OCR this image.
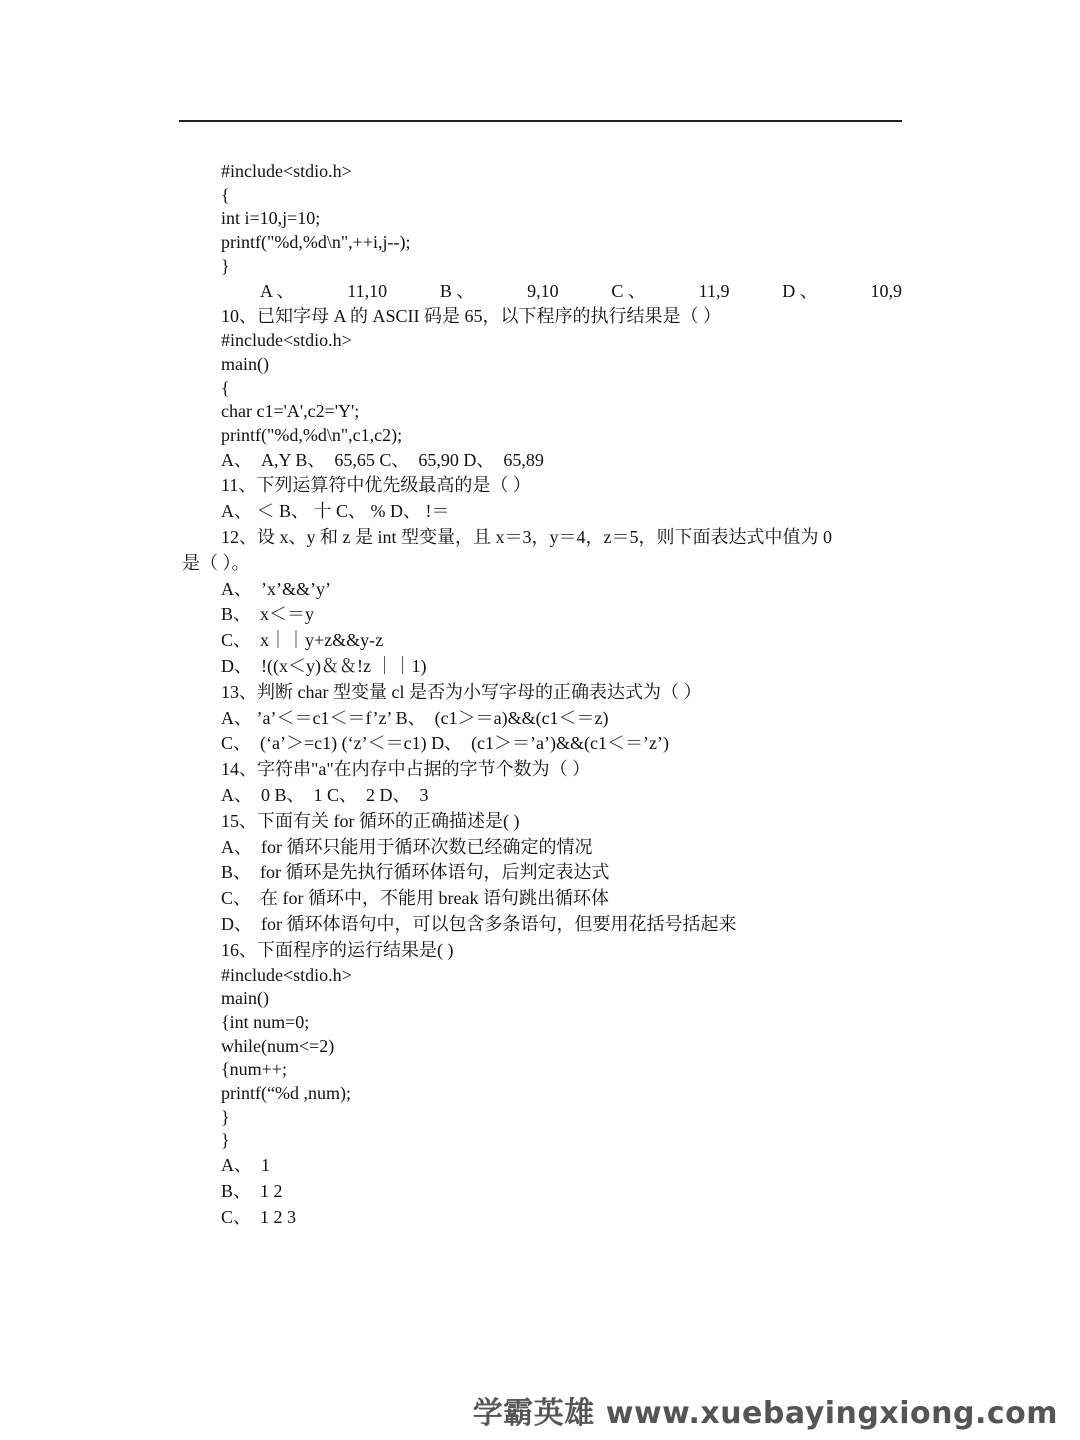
#include<stdio.h>
{
int i=10,j=10;
printf("%d,%d\n",++i,j--);
}
A 、	11,10	B 、	9,10	C 、	11,9	D 、	10,9
10、已知字母 A 的 ASCII 码是 65，以下程序的执行结果是（ ）
#include<stdio.h>
main()
{
char c1='A',c2='Y';
printf("%d,%d\n",c1,c2);
A、  A,Y B、  65,65 C、  65,90 D、  65,89
11、下列运算符中优先级最高的是（ ）
A、 ＜ B、 十 C、 % D、 !＝
12、设 x、y 和 z 是 int 型变量，且 x＝3，y＝4，z＝5，则下面表达式中值为 0
是（ ）。
A、  ’x’&&’y’
B、  x＜＝y
C、  x｜｜y+z&&y-z
D、  !((x＜y)＆＆!z ｜｜1)
13、判断 char 型变量 cl 是否为小写字母的正确表达式为（ ）
A、 ’a’＜＝c1＜＝f’z’ B、  (c1＞＝a)&&(c1＜＝z)
C、  (‘a’＞=c1) (‘z’＜＝c1) D、  (c1＞＝’a’)&&(c1＜＝’z’)
14、字符串"a"在内存中占据的字节个数为（ ）
A、  0 B、  1 C、  2 D、  3
15、下面有关 for 循环的正确描述是( )
A、  for 循环只能用于循环次数已经确定的情况
B、  for 循环是先执行循环体语句，后判定表达式
C、  在 for 循环中，不能用 break 语句跳出循环体
D、  for 循环体语句中，可以包含多条语句，但要用花括号括起来
16、下面程序的运行结果是( )
#include<stdio.h>
main()
{int num=0;
while(num<=2)
{num++;
printf(“%d ,num);
}
}
A、  1
B、  1 2
C、  1 2 3
学霸英雄 www.xuebayingxiong.com
